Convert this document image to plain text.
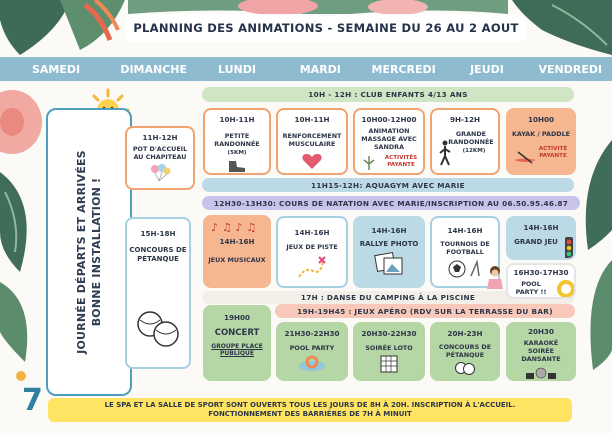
PLANNING DES ANIMATIONS - SEMAINE DU 26 AU 2 AOUT
SAMEDI	DIMANCHE	LUNDI	MARDI	MERCREDI	JEUDI	VENDREDI
JOURNÉE DÉPARTS ET ARRIVÉES BONNE INSTALLATION !
10H - 12H : CLUB ENFANTS 4/13 ANS
11H15-12H: AQUAGYM AVEC MARIE
12H30-13H30: COURS DE NATATION AVEC MARIE/INSCRIPTION AU 06.50.95.46.87
17H : DANSE DU CAMPING À LA PISCINE
19H-19H45 : JEUX APÉRO (RDV SUR LA TERRASSE DU BAR)
11H-12H
POT D'ACCUEIL AU CHAPITEAU
15H-18H
CONCOURS DE PÉTANQUE
10H-11H
PETITE RANDONNÉE
(5KM)
19H00
CONCERT
GROUPE PLACE PUBLIQUE
14H-16H
JEUX MUSICAUX
♪ ♫ ♪ ♫
10H-11H
RENFORCEMENT MUSCULAIRE
14H-16H
JEUX DE PISTE
21H30-22H30
POOL PARTY
10H00-12H00
ANIMATION MASSAGE AVEC SANDRA
ACTIVITÉS PAYANTE
14H-16H
RALLYE PHOTO
20H30-22H30
SOIRÉE LOTO
9H-12H
GRANDE RANDONNÉE
(12KM)
14H-16H
TOURNOIS DE FOOTBALL
20H-23H
CONCOURS DE PÉTANQUE
10H00
KAYAK / PADDLE
ACTIVITÉ PAYANTE
14H-16H
GRAND JEU
16H30-17H30
POOL PARTY !!
20H30
KARAOKÉ SOIRÉE DANSANTE
LE SPA ET LA SALLE DE SPORT SONT OUVERTS TOUS LES JOURS DE 8H À 20H. INSCRIPTION À L'ACCUEIL.
FONCTIONNEMENT DES BARRIÈRES DE 7H À MINUIT
7
